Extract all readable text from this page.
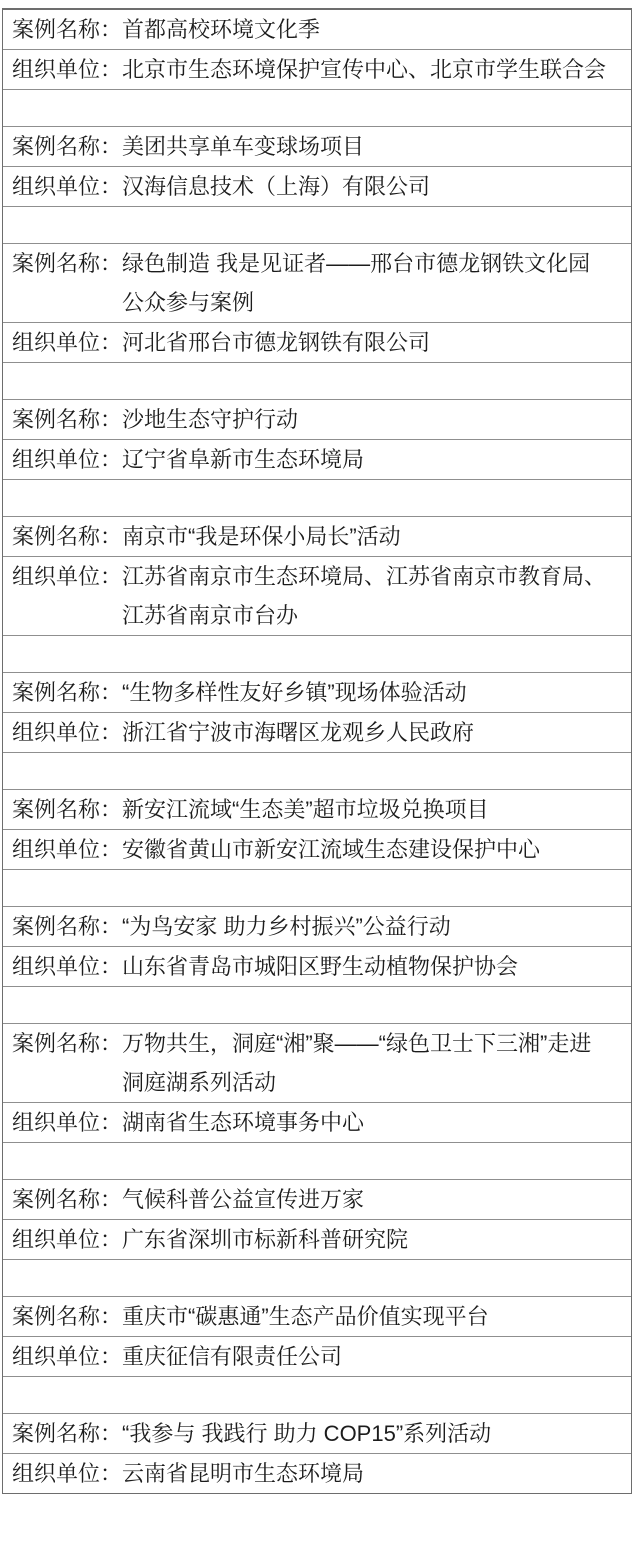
案例名称： 首都高校环境文化季
组织单位： 北京市生态环境保护宣传中心、北京市学生联合会
案例名称： 美团共享单车变球场项目
组织单位： 汉海信息技术（上海）有限公司
案例名称： 绿色制造 我是见证者——邢台市德龙钢铁文化园公众参与案例
组织单位： 河北省邢台市德龙钢铁有限公司
案例名称： 沙地生态守护行动
组织单位： 辽宁省阜新市生态环境局
案例名称： 南京市“我是环保小局长”活动
组织单位： 江苏省南京市生态环境局、江苏省南京市教育局、江苏省南京市台办
案例名称： “生物多样性友好乡镇”现场体验活动
组织单位： 浙江省宁波市海曙区龙观乡人民政府
案例名称： 新安江流域“生态美”超市垃圾兑换项目
组织单位： 安徽省黄山市新安江流域生态建设保护中心
案例名称： “为鸟安家 助力乡村振兴”公益行动
组织单位： 山东省青岛市城阳区野生动植物保护协会
案例名称： 万物共生，洞庭“湘”聚——“绿色卫士下三湘”走进洞庭湖系列活动
组织单位： 湖南省生态环境事务中心
案例名称： 气候科普公益宣传进万家
组织单位： 广东省深圳市标新科普研究院
案例名称： 重庆市“碳惠通”生态产品价值实现平台
组织单位： 重庆征信有限责任公司
案例名称： “我参与 我践行 助力 COP15”系列活动
组织单位： 云南省昆明市生态环境局
